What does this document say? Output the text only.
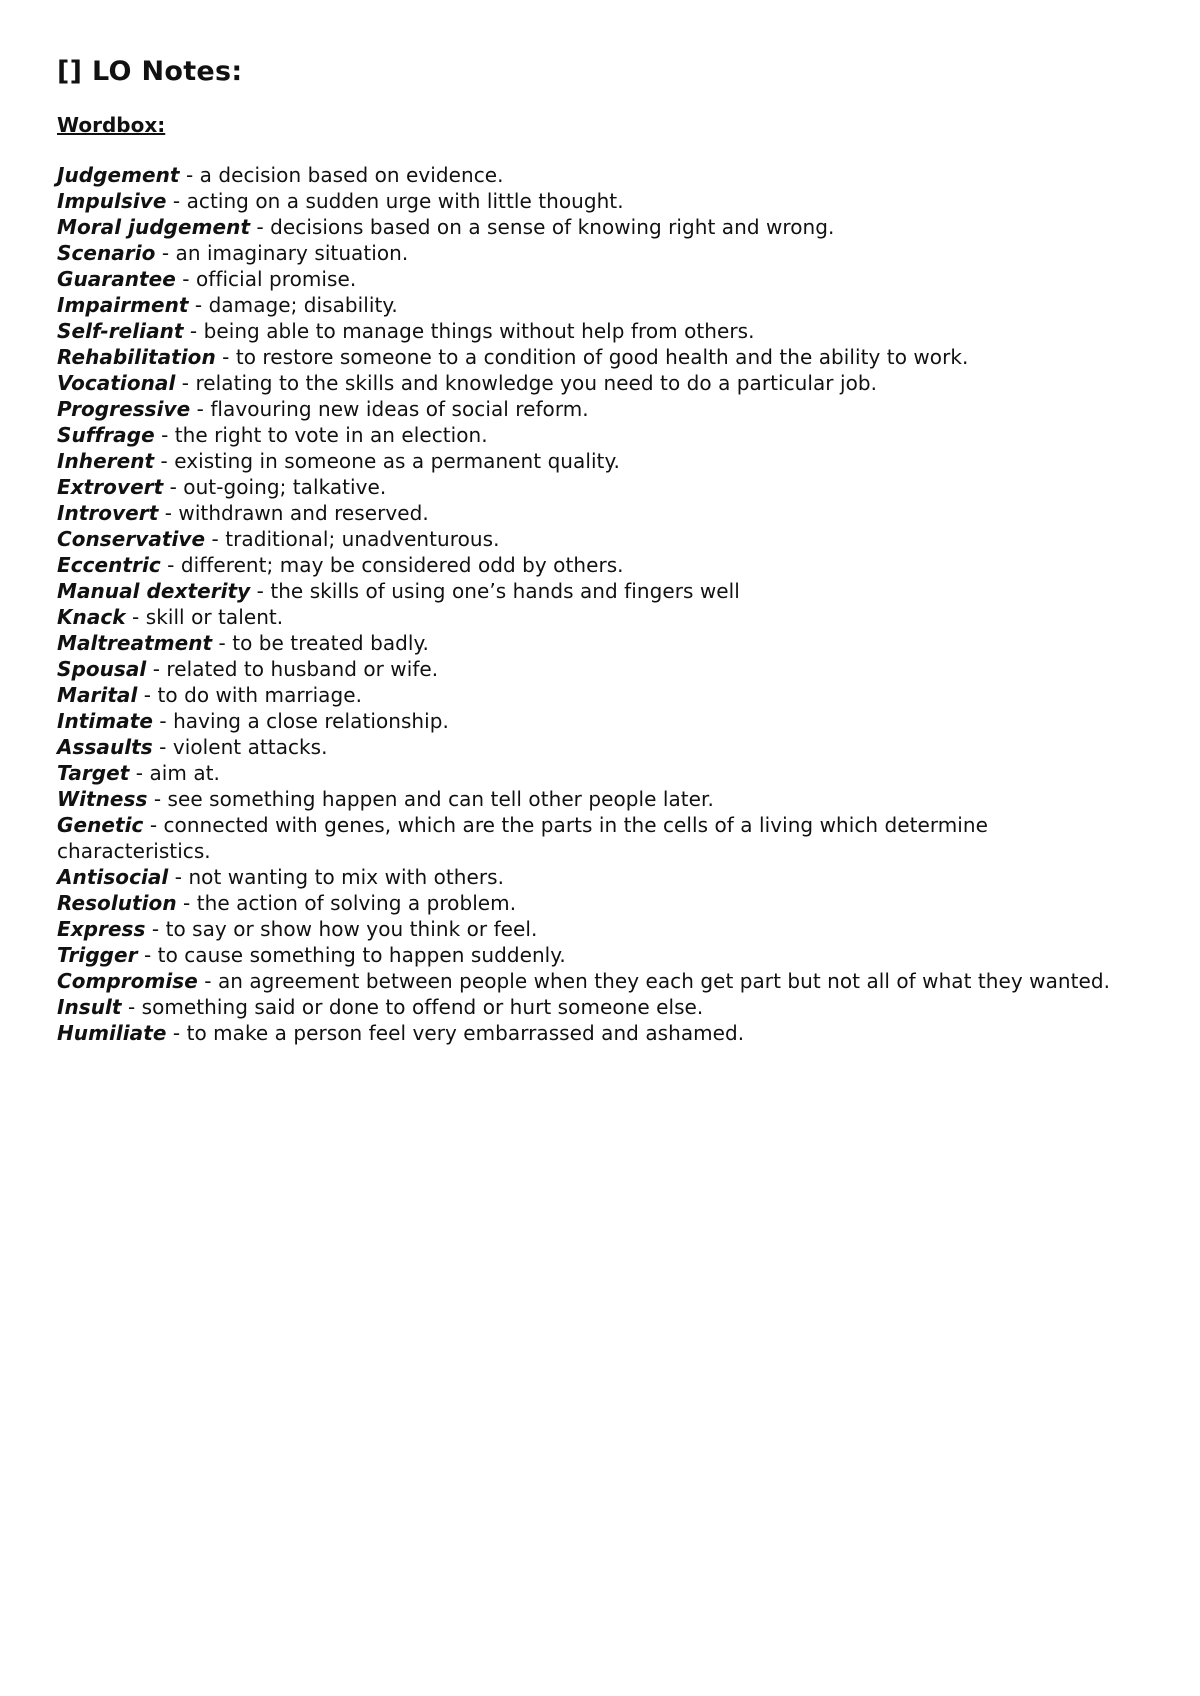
[] LO Notes:
Wordbox:
Judgement - a decision based on evidence.
Impulsive - acting on a sudden urge with little thought.
Moral judgement - decisions based on a sense of knowing right and wrong.
Scenario - an imaginary situation.
Guarantee - official promise.
Impairment - damage; disability.
Self-reliant - being able to manage things without help from others.
Rehabilitation - to restore someone to a condition of good health and the ability to work.
Vocational - relating to the skills and knowledge you need to do a particular job.
Progressive - flavouring new ideas of social reform.
Suffrage - the right to vote in an election.
Inherent - existing in someone as a permanent quality.
Extrovert - out-going; talkative.
Introvert - withdrawn and reserved.
Conservative - traditional; unadventurous.
Eccentric - different; may be considered odd by others.
Manual dexterity - the skills of using one’s hands and fingers well
Knack - skill or talent.
Maltreatment - to be treated badly.
Spousal - related to husband or wife.
Marital - to do with marriage.
Intimate - having a close relationship.
Assaults - violent attacks.
Target - aim at.
Witness - see something happen and can tell other people later.
Genetic - connected with genes, which are the parts in the cells of a living which determine characteristics.
Antisocial - not wanting to mix with others.
Resolution - the action of solving a problem.
Express - to say or show how you think or feel.
Trigger - to cause something to happen suddenly.
Compromise - an agreement between people when they each get part but not all of what they wanted.
Insult - something said or done to offend or hurt someone else.
Humiliate - to make a person feel very embarrassed and ashamed.
